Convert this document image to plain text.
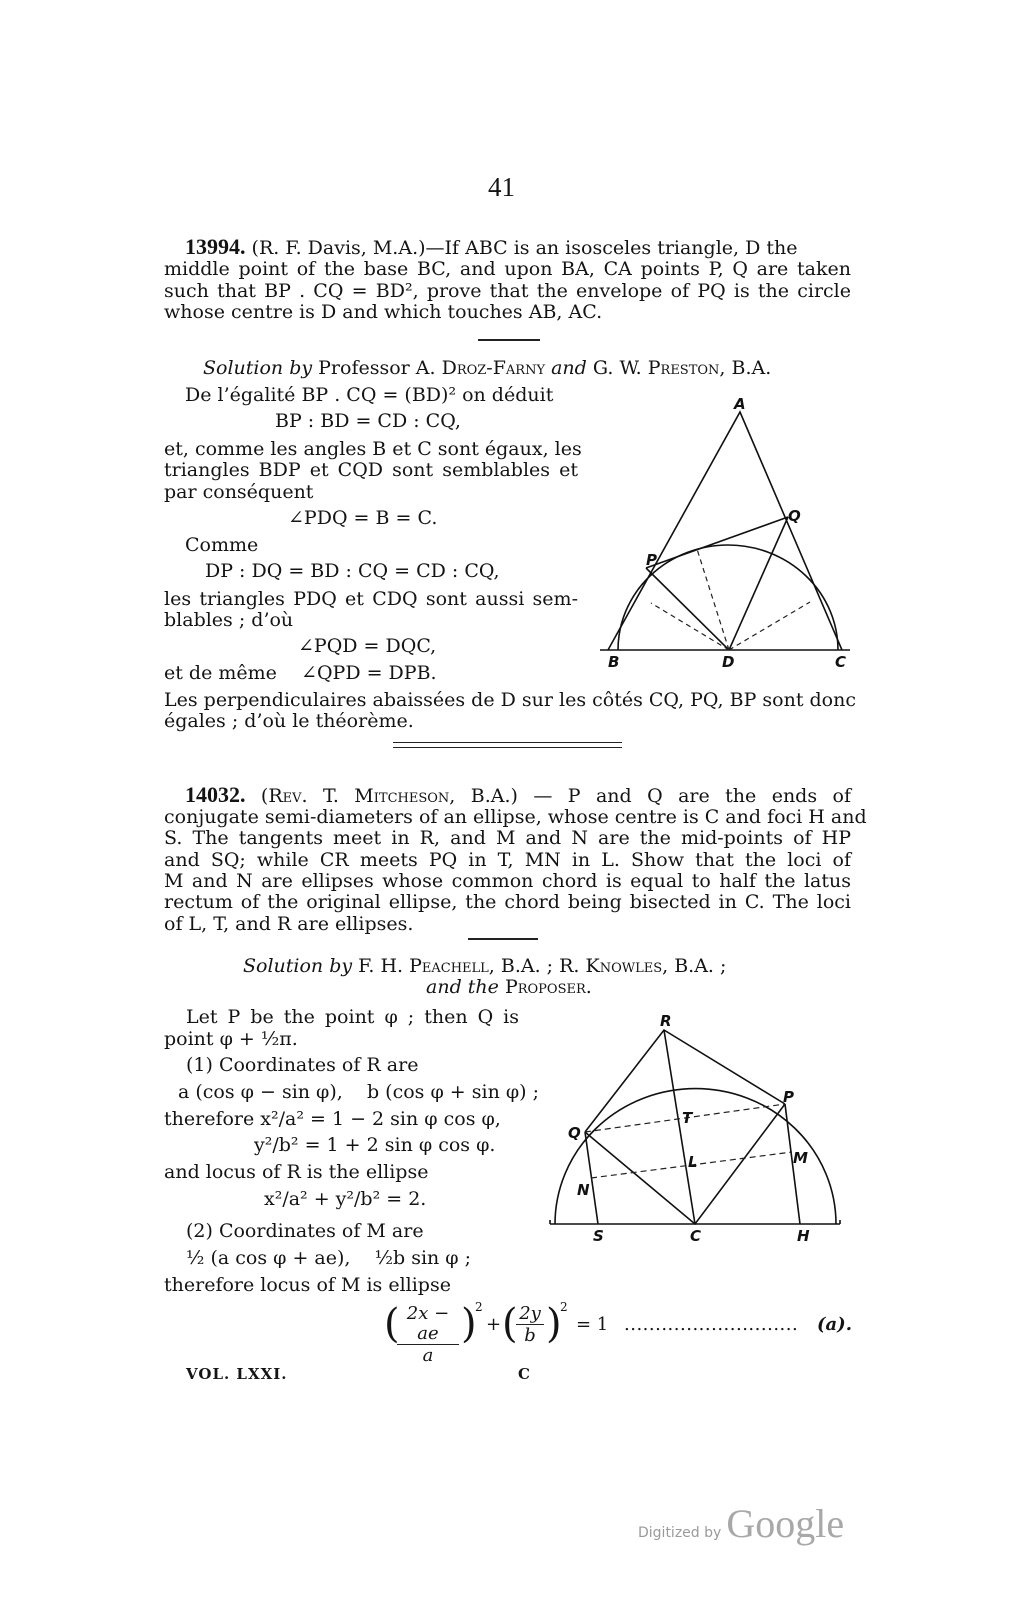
41
13994. (R. F. Davis, M.A.)—If ABC is an isosceles triangle, D the
middle point of the base BC, and upon BA, CA points P, Q are taken
such that BP . CQ = BD², prove that the envelope of PQ is the circle
whose centre is D and which touches AB, AC.
Solution by Professor A. Droz-Farny and G. W. Preston, B.A.
De l’égalité BP . CQ = (BD)² on déduit
BP : BD = CD : CQ,
et, comme les angles B et C sont égaux, les
triangles BDP et CQD sont semblables et
par conséquent
∠PDQ = B = C.
Comme
DP : DQ = BD : CQ = CD : CQ,
les triangles PDQ et CDQ sont aussi sem-
blables ; d’où
∠PQD = DQC,
et de même    ∠QPD = DPB.
Les perpendiculaires abaissées de D sur les côtés CQ, PQ, BP sont donc
égales ; d’où le théorème.
A
Q
P
B	D	C
14032. (Rev. T. Mitcheson, B.A.) — P and Q are the ends of
conjugate semi-diameters of an ellipse, whose centre is C and foci H and
S. The tangents meet in R, and M and N are the mid-points of HP
and SQ; while CR meets PQ in T, MN in L. Show that the loci of
M and N are ellipses whose common chord is equal to half the latus
rectum of the original ellipse, the chord being bisected in C. The loci
of L, T, and R are ellipses.
Solution by F. H. Peachell, B.A. ; R. Knowles, B.A. ;
and the Proposer.
Let P be the point φ ; then Q is
point φ + ½π.
(1) Coordinates of R are
a (cos φ − sin φ),    b (cos φ + sin φ) ;
therefore x²/a² = 1 − 2 sin φ cos φ,
y²/b² = 1 + 2 sin φ cos φ.
and locus of R is the ellipse
x²/a² + y²/b² = 2.
(2) Coordinates of M are
½ (a cos φ + ae),    ½b sin φ ;
therefore locus of M is ellipse
(
$\frac{2x - ae}{a}$ )
2
+ (
$\frac{2y}{b}$ )
2
= 1 ............................ (a).
R
P
Q
T
L	M
N
S	C	H
VOL. LXXI.	C
Digitized by Google
